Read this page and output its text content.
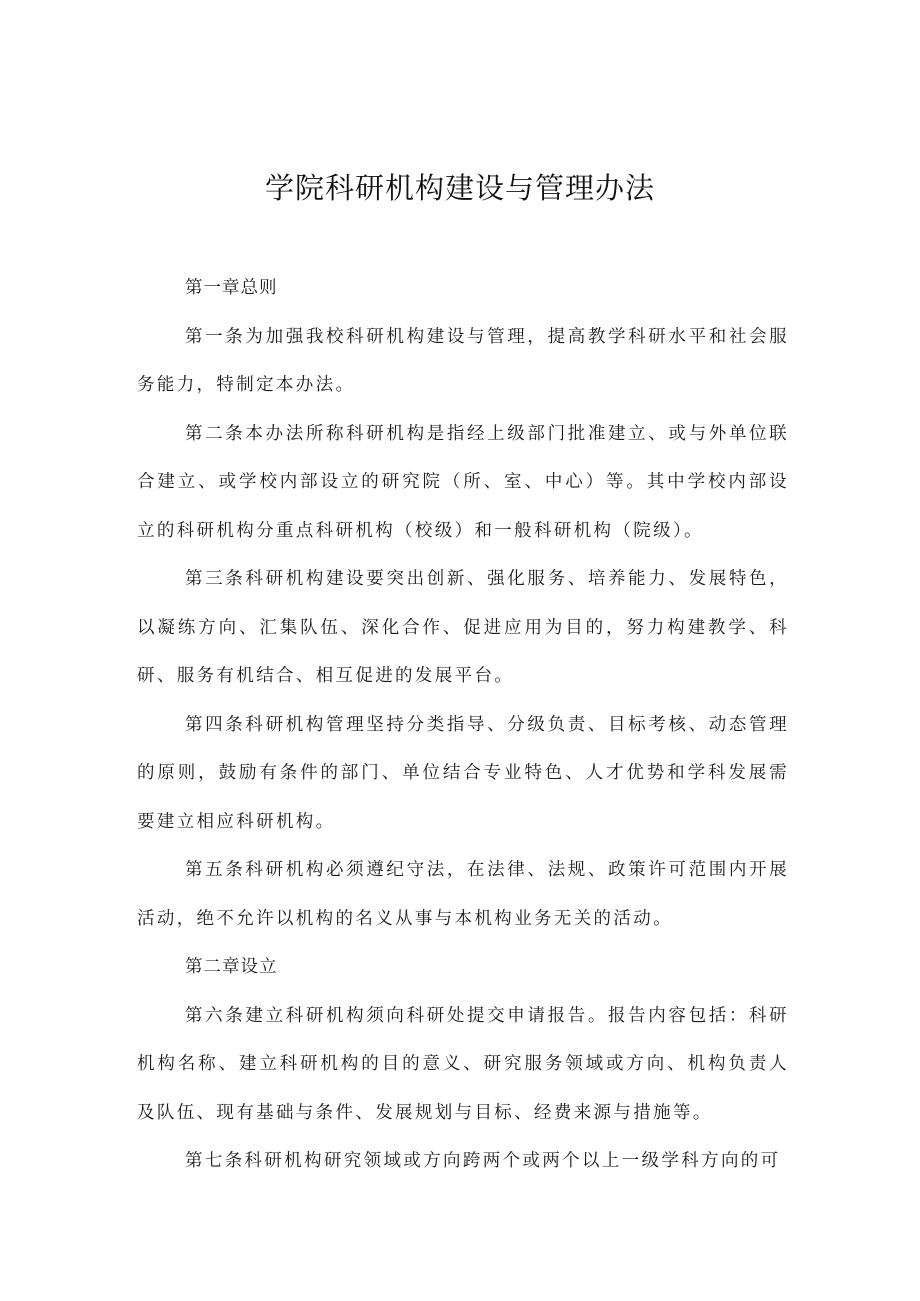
学院科研机构建设与管理办法

第一章总则

第一条为加强我校科研机构建设与管理，提高教学科研水平和社会服务能力，特制定本办法。

第二条本办法所称科研机构是指经上级部门批准建立、或与外单位联合建立、或学校内部设立的研究院（所、室、中心）等。其中学校内部设立的科研机构分重点科研机构（校级）和一般科研机构（院级）。

第三条科研机构建设要突出创新、强化服务、培养能力、发展特色，以凝练方向、汇集队伍、深化合作、促进应用为目的，努力构建教学、科研、服务有机结合、相互促进的发展平台。

第四条科研机构管理坚持分类指导、分级负责、目标考核、动态管理的原则，鼓励有条件的部门、单位结合专业特色、人才优势和学科发展需要建立相应科研机构。

第五条科研机构必须遵纪守法，在法律、法规、政策许可范围内开展活动，绝不允许以机构的名义从事与本机构业务无关的活动。

第二章设立

第六条建立科研机构须向科研处提交申请报告。报告内容包括：科研机构名称、建立科研机构的目的意义、研究服务领域或方向、机构负责人及队伍、现有基础与条件、发展规划与目标、经费来源与措施等。

第七条科研机构研究领域或方向跨两个或两个以上一级学科方向的可
